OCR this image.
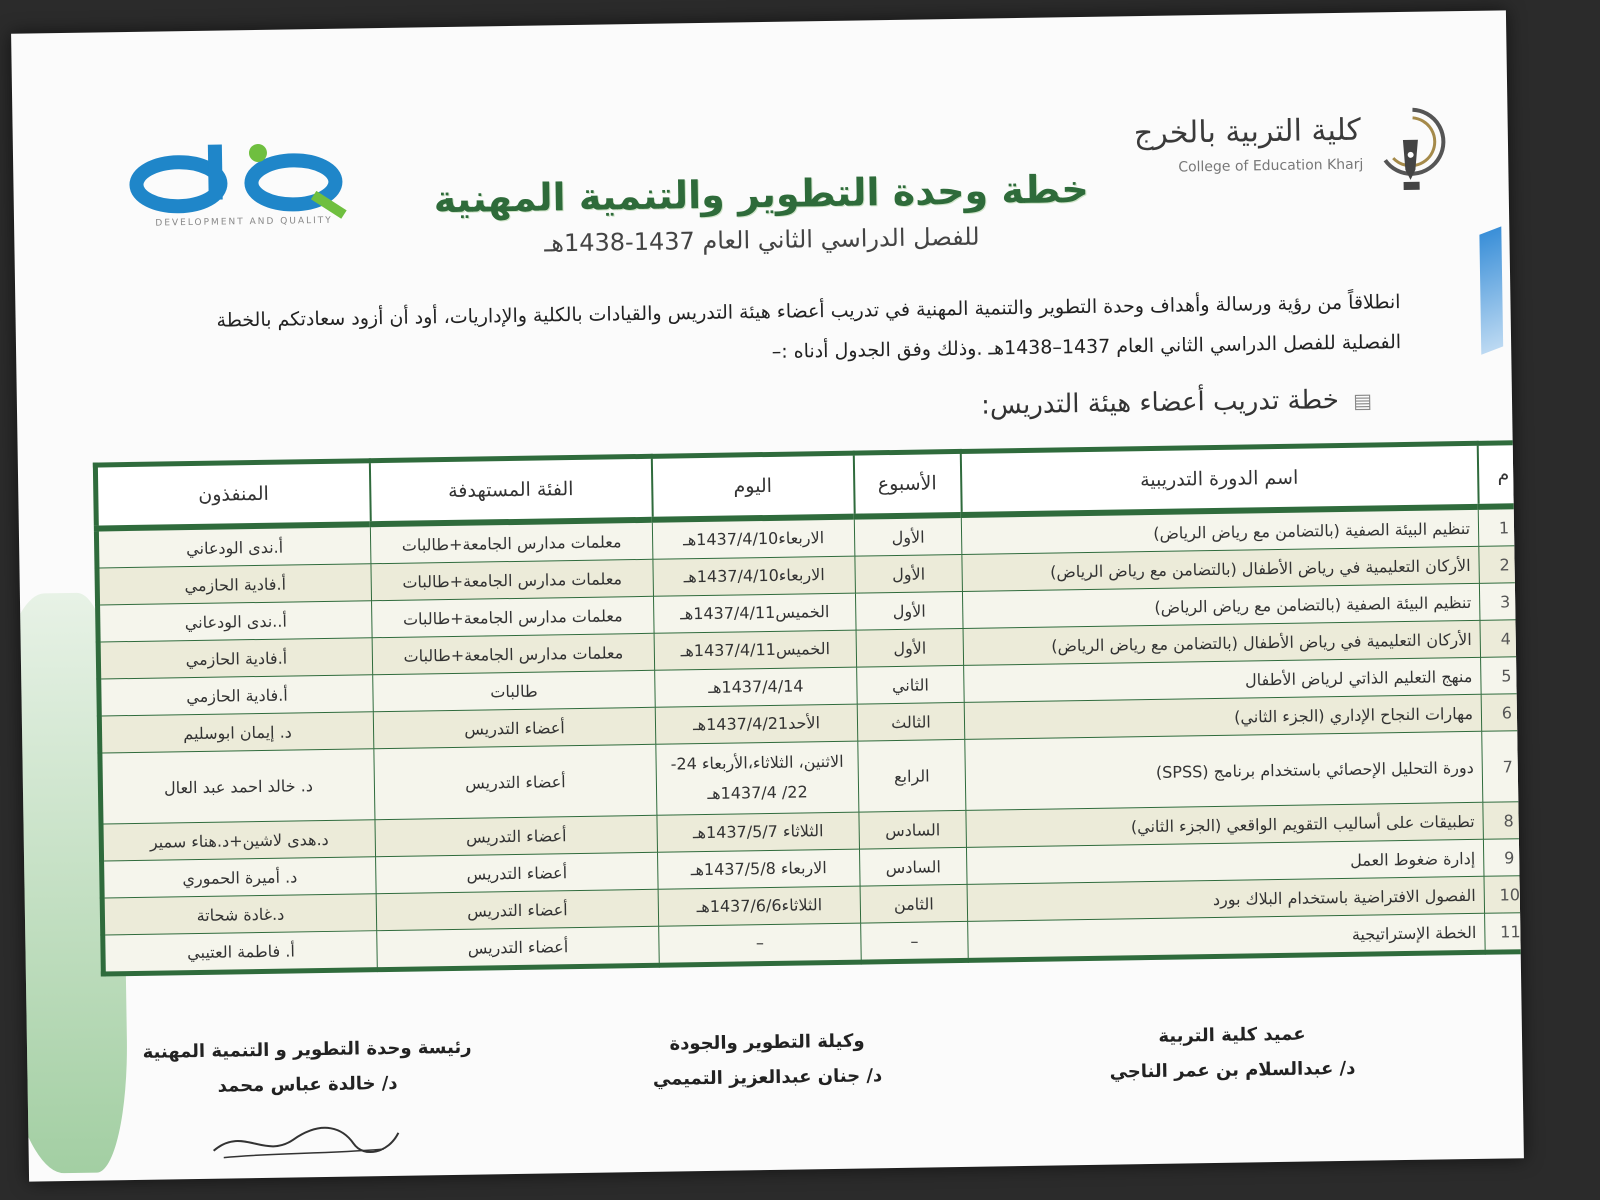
DEVELOPMENT AND QUALITY
كلية التربية بالخرج
College of Education Kharj
خطة وحدة التطوير والتنمية المهنية
للفصل الدراسي الثاني العام 1437-1438هـ
انطلاقاً من رؤية ورسالة وأهداف وحدة التطوير والتنمية المهنية في تدريب أعضاء هيئة التدريس والقيادات بالكلية والإداريات، أود أن أزود سعادتكم بالخطة الفصلية للفصل الدراسي الثاني العام 1437–1438هـ .وذلك وفق الجدول أدناه :–
▤ خطة تدريب أعضاء هيئة التدريس:
م	اسم الدورة التدريبية	الأسبوع	اليوم	الفئة المستهدفة	المنفذون
1	تنظيم البيئة الصفية (بالتضامن مع رياض الرياض)	الأول	الاربعاء1437/4/10هـ	معلمات مدارس الجامعة+طالبات	أ.ندى الودعاني
2	الأركان التعليمية في رياض الأطفال (بالتضامن مع رياض الرياض)	الأول	الاربعاء1437/4/10هـ	معلمات مدارس الجامعة+طالبات	أ.فادية الحازمي
3	تنظيم البيئة الصفية (بالتضامن مع رياض الرياض)	الأول	الخميس1437/4/11هـ	معلمات مدارس الجامعة+طالبات	أ..ندى الودعاني
4	الأركان التعليمية في رياض الأطفال (بالتضامن مع رياض الرياض)	الأول	الخميس1437/4/11هـ	معلمات مدارس الجامعة+طالبات	أ.فادية الحازمي
5	منهج التعليم الذاتي لرياض الأطفال	الثاني	1437/4/14هـ	طالبات	أ.فادية الحازمي
6	مهارات النجاح الإداري (الجزء الثاني)	الثالث	الأحد1437/4/21هـ	أعضاء التدريس	د. إيمان ابوسليم
7	دورة التحليل الإحصائي باستخدام برنامج (SPSS)	الرابع	الاثنين، الثلاثاء،الأربعاء 24-22/ 1437/4هـ	أعضاء التدريس	د. خالد احمد عبد العال
8	تطبيقات على أساليب التقويم الواقعي (الجزء الثاني)	السادس	الثلاثاء 1437/5/7هـ	أعضاء التدريس	د.هدى لاشين+د.هناء سمير
9	إدارة ضغوط العمل	السادس	الاربعاء 1437/5/8هـ	أعضاء التدريس	د. أميرة الحموري
10	الفصول الافتراضية باستخدام البلاك بورد	الثامن	الثلاثاء1437/6/6هـ	أعضاء التدريس	د.غادة شحاتة
11	الخطة الإستراتيجية	–	–	أعضاء التدريس	أ. فاطمة العتيبي
عميد كلية التربية
د/ عبدالسلام بن عمر الناجي
وكيلة التطوير والجودة
د/ جنان عبدالعزيز التميمي
رئيسة وحدة التطوير و التنمية المهنية
د/ خالدة عباس محمد
